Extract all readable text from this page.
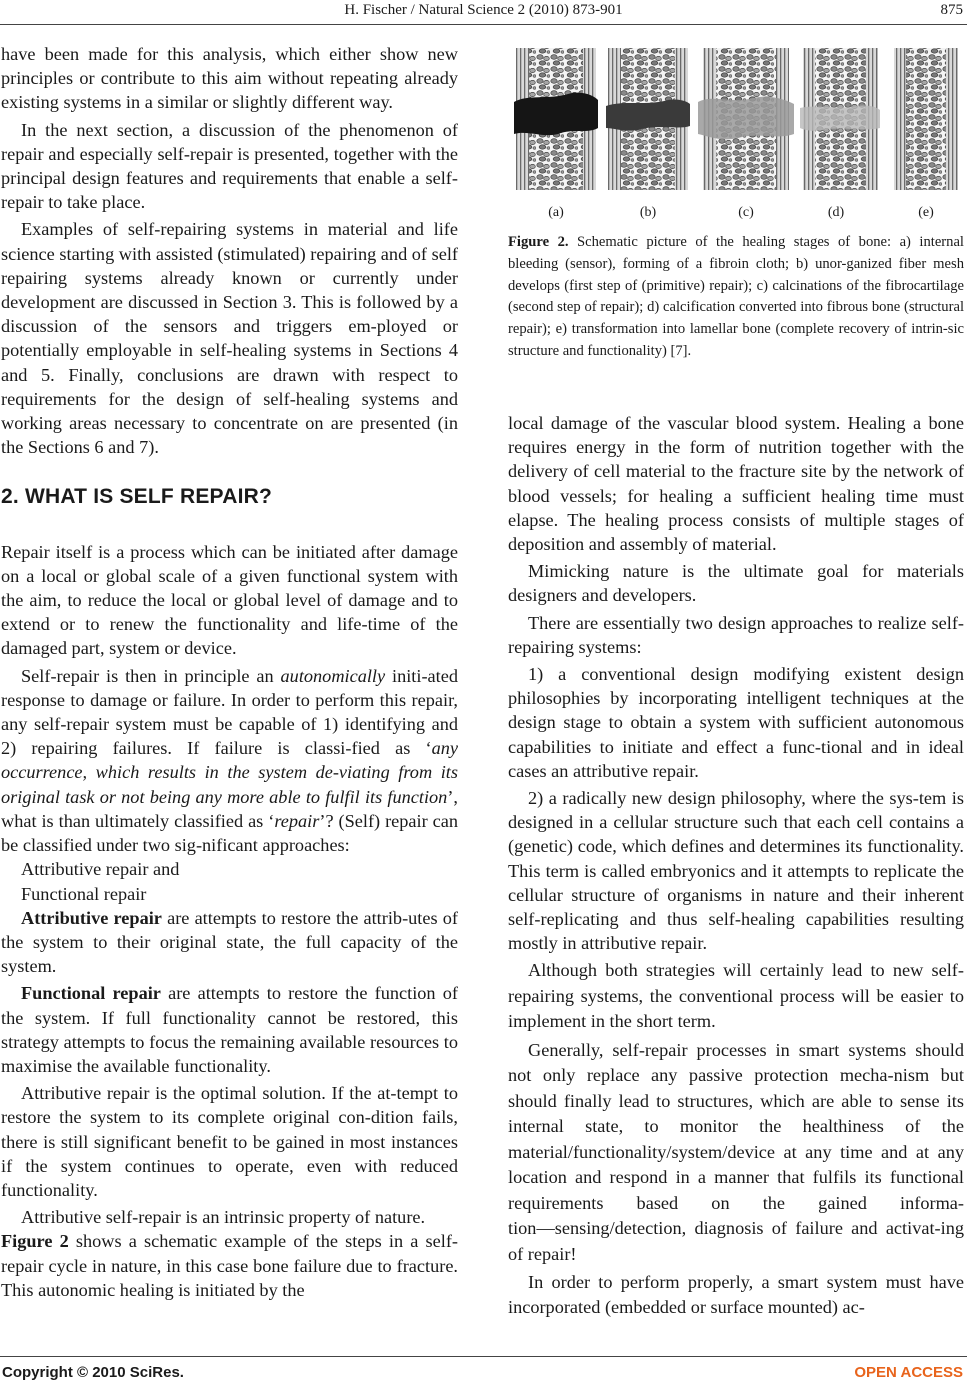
H. Fischer / Natural Science 2 (2010) 873-901	875

have been made for this analysis, which either show new principles or contribute to this aim without repeating already existing systems in a similar or slightly different way.

In the next section, a discussion of the phenomenon of repair and especially self-repair is presented, together with the principal design features and requirements that enable a self-repair to take place.

Examples of self-repairing systems in material and life science starting with assisted (stimulated) repairing and of self repairing systems already known or currently under development are discussed in Section 3. This is followed by a discussion of the sensors and triggers em-ployed or potentially employable in self-healing systems in Sections 4 and 5. Finally, conclusions are drawn with respect to requirements for the design of self-healing systems and working areas necessary to concentrate on are presented (in the Sections 6 and 7).

2. WHAT IS SELF REPAIR?

Repair itself is a process which can be initiated after damage on a local or global scale of a given functional system with the aim, to reduce the local or global level of damage and to extend or to renew the functionality and life-time of the damaged part, system or device.

Self-repair is then in principle an autonomically initi-ated response to damage or failure. In order to perform this repair, any self-repair system must be capable of 1) identifying and 2) repairing failures. If failure is classi-fied as ‘any occurrence, which results in the system de-viating from its original task or not being any more able to fulfil its function’, what is than ultimately classified as ‘repair’? (Self) repair can be classified under two sig-nificant approaches:

Attributive repair and

Functional repair

Attributive repair are attempts to restore the attrib-utes of the system to their original state, the full capacity of the system.

Functional repair are attempts to restore the function of the system. If full functionality cannot be restored, this strategy attempts to focus the remaining available resources to maximise the available functionality.

Attributive repair is the optimal solution. If the at-tempt to restore the system to its complete original con-dition fails, there is still significant benefit to be gained in most instances if the system continues to operate, even with reduced functionality.

Attributive self-repair is an intrinsic property of nature.

Figure 2 shows a schematic example of the steps in a self-repair cycle in nature, in this case bone failure due to fracture. This autonomic healing is initiated by the

(a)	(b)	(c)	(d)	(e)
Figure 2. Schematic picture of the healing stages of bone: a) internal bleeding (sensor), forming of a fibroin cloth; b) unor-ganized fiber mesh develops (first step of (primitive) repair); c) calcinations of the fibrocartilage (second step of repair); d) calcification converted into fibrous bone (structural repair); e) transformation into lamellar bone (complete recovery of intrin-sic structure and functionality) [7].

local damage of the vascular blood system. Healing a bone requires energy in the form of nutrition together with the delivery of cell material to the fracture site by the network of blood vessels; for healing a sufficient healing time must elapse. The healing process consists of multiple stages of deposition and assembly of material.

Mimicking nature is the ultimate goal for materials designers and developers.

There are essentially two design approaches to realize self-repairing systems:

1) a conventional design modifying existent design philosophies by incorporating intelligent techniques at the design stage to obtain a system with sufficient autonomous capabilities to initiate and effect a func-tional and in ideal cases an attributive repair.

2) a radically new design philosophy, where the sys-tem is designed in a cellular structure such that each cell contains a (genetic) code, which defines and determines its functionality. This term is called embryonics and it attempts to replicate the cellular structure of organisms in nature and their inherent self-replicating and thus self-healing capabilities resulting mostly in attributive repair.

Although both strategies will certainly lead to new self-repairing systems, the conventional process will be easier to implement in the short term.

Generally, self-repair processes in smart systems should not only replace any passive protection mecha-nism but should finally lead to structures, which are able to sense its internal state, to monitor the healthiness of the material/functionality/system/device at any time and at any location and respond in a manner that fulfils its functional requirements based on the gained informa-tion―sensing/detection, diagnosis of failure and activat-ing of repair!

In order to perform properly, a smart system must have incorporated (embedded or surface mounted) ac-

Copyright © 2010 SciRes.	OPEN ACCESS
